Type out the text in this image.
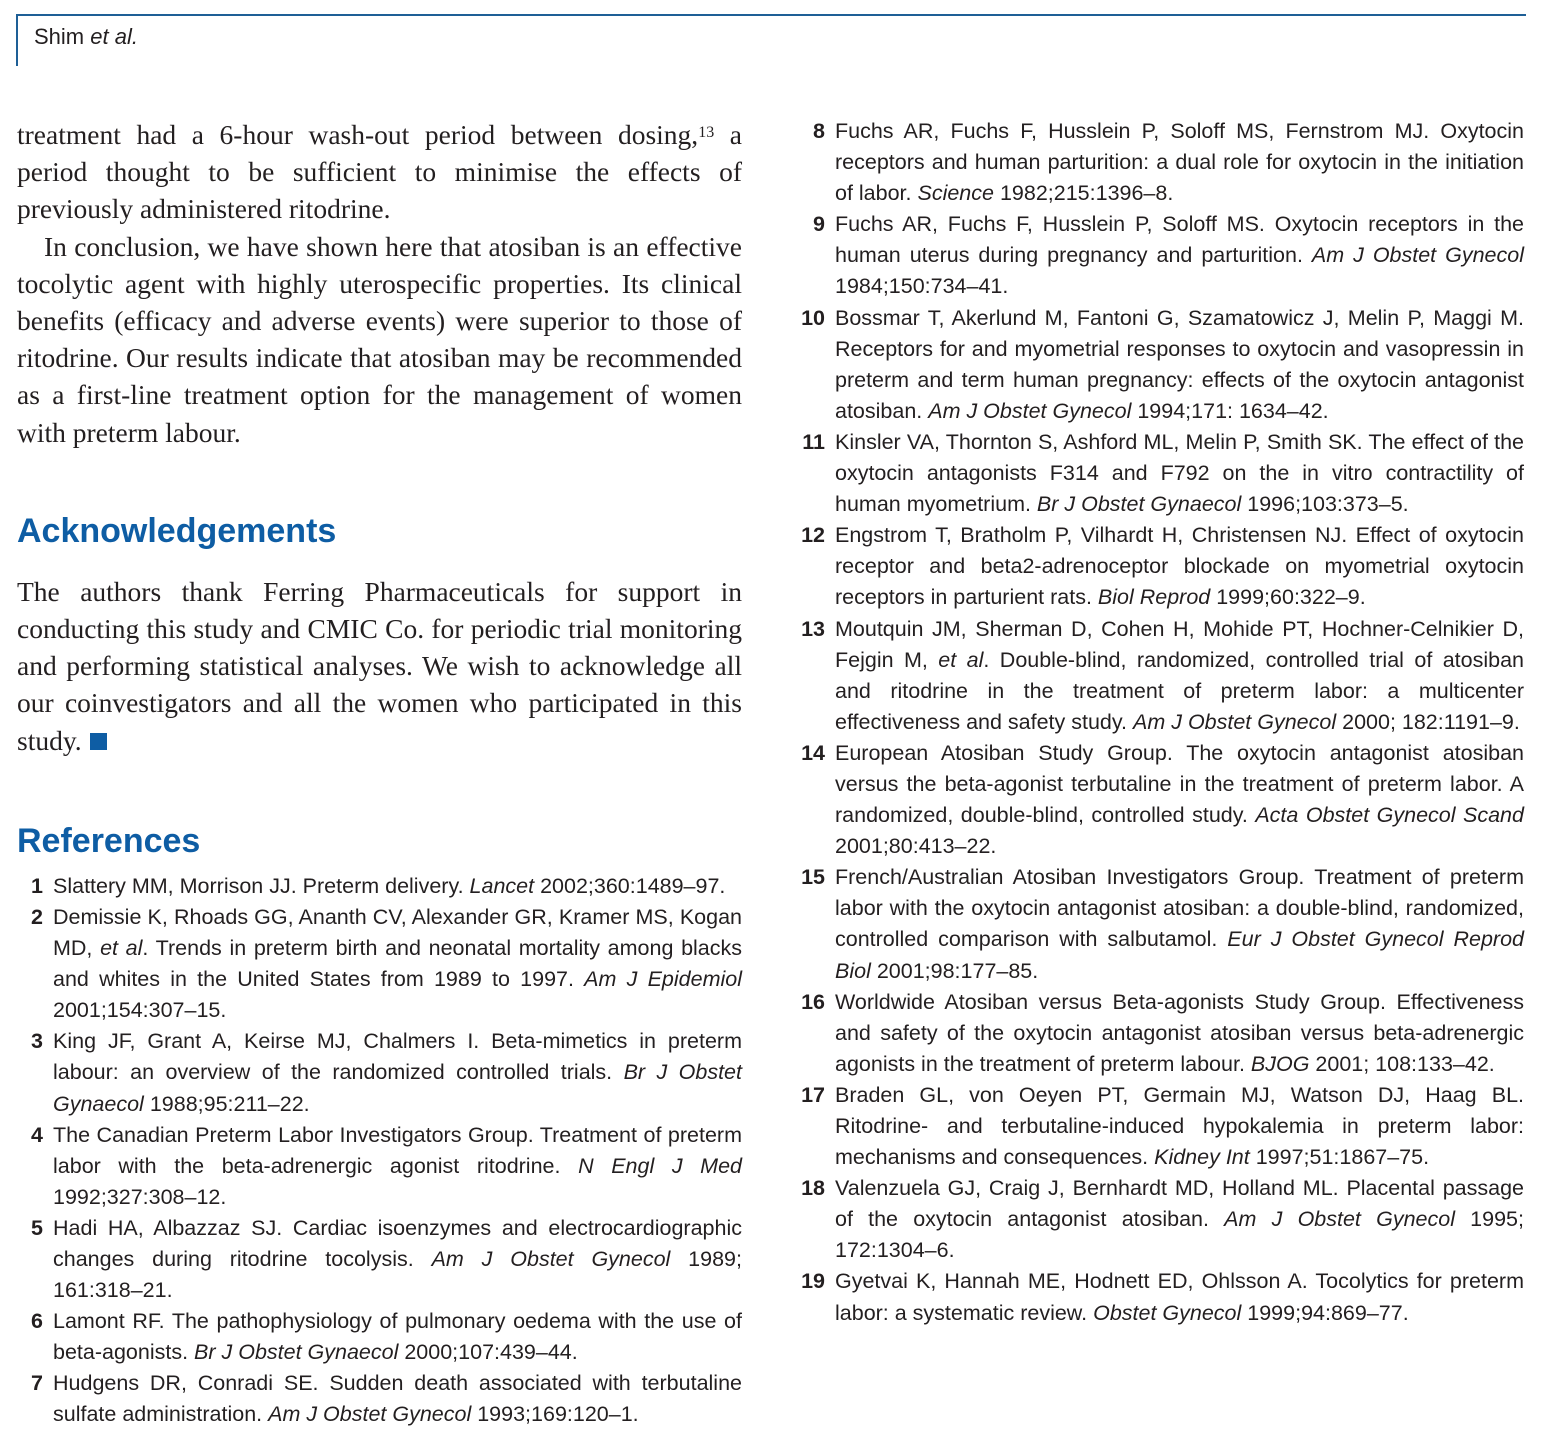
Shim et al.

treatment had a 6-hour wash-out period between dosing,$^{13}$ a period thought to be sufficient to minimise the effects of previously administered ritodrine.

In conclusion, we have shown here that atosiban is an effective tocolytic agent with highly uterospecific properties. Its clinical benefits (efficacy and adverse events) were superior to those of ritodrine. Our results indicate that atosiban may be recommended as a first-line treatment option for the management of women with preterm labour.

Acknowledgements

The authors thank Ferring Pharmaceuticals for support in conducting this study and CMIC Co. for periodic trial monitoring and performing statistical analyses. We wish to acknowledge all our coinvestigators and all the women who participated in this study.

References
1 Slattery MM, Morrison JJ. Preterm delivery. Lancet 2002;360:1489–97.
2 Demissie K, Rhoads GG, Ananth CV, Alexander GR, Kramer MS, Kogan MD, et al. Trends in preterm birth and neonatal mortality among blacks and whites in the United States from 1989 to 1997. Am J Epidemiol 2001;154:307–15.
3 King JF, Grant A, Keirse MJ, Chalmers I. Beta-mimetics in preterm labour: an overview of the randomized controlled trials. Br J Obstet Gynaecol 1988;95:211–22.
4 The Canadian Preterm Labor Investigators Group. Treatment of preterm labor with the beta-adrenergic agonist ritodrine. N Engl J Med 1992;327:308–12.
5 Hadi HA, Albazzaz SJ. Cardiac isoenzymes and electrocardiographic changes during ritodrine tocolysis. Am J Obstet Gynecol 1989; 161:318–21.
6 Lamont RF. The pathophysiology of pulmonary oedema with the use of beta-agonists. Br J Obstet Gynaecol 2000;107:439–44.
7 Hudgens DR, Conradi SE. Sudden death associated with terbutaline sulfate administration. Am J Obstet Gynecol 1993;169:120–1.
8 Fuchs AR, Fuchs F, Husslein P, Soloff MS, Fernstrom MJ. Oxytocin receptors and human parturition: a dual role for oxytocin in the initiation of labor. Science 1982;215:1396–8.
9 Fuchs AR, Fuchs F, Husslein P, Soloff MS. Oxytocin receptors in the human uterus during pregnancy and parturition. Am J Obstet Gynecol 1984;150:734–41.
10 Bossmar T, Akerlund M, Fantoni G, Szamatowicz J, Melin P, Maggi M. Receptors for and myometrial responses to oxytocin and vasopressin in preterm and term human pregnancy: effects of the oxytocin antagonist atosiban. Am J Obstet Gynecol 1994;171: 1634–42.
11 Kinsler VA, Thornton S, Ashford ML, Melin P, Smith SK. The effect of the oxytocin antagonists F314 and F792 on the in vitro contractility of human myometrium. Br J Obstet Gynaecol 1996;103:373–5.
12 Engstrom T, Bratholm P, Vilhardt H, Christensen NJ. Effect of oxytocin receptor and beta2-adrenoceptor blockade on myometrial oxytocin receptors in parturient rats. Biol Reprod 1999;60:322–9.
13 Moutquin JM, Sherman D, Cohen H, Mohide PT, Hochner-Celnikier D, Fejgin M, et al. Double-blind, randomized, controlled trial of atosiban and ritodrine in the treatment of preterm labor: a multicenter effectiveness and safety study. Am J Obstet Gynecol 2000; 182:1191–9.
14 European Atosiban Study Group. The oxytocin antagonist atosiban versus the beta-agonist terbutaline in the treatment of preterm labor. A randomized, double-blind, controlled study. Acta Obstet Gynecol Scand 2001;80:413–22.
15 French/Australian Atosiban Investigators Group. Treatment of preterm labor with the oxytocin antagonist atosiban: a double-blind, randomized, controlled comparison with salbutamol. Eur J Obstet Gynecol Reprod Biol 2001;98:177–85.
16 Worldwide Atosiban versus Beta-agonists Study Group. Effectiveness and safety of the oxytocin antagonist atosiban versus beta-adrenergic agonists in the treatment of preterm labour. BJOG 2001; 108:133–42.
17 Braden GL, von Oeyen PT, Germain MJ, Watson DJ, Haag BL. Ritodrine- and terbutaline-induced hypokalemia in preterm labor: mechanisms and consequences. Kidney Int 1997;51:1867–75.
18 Valenzuela GJ, Craig J, Bernhardt MD, Holland ML. Placental passage of the oxytocin antagonist atosiban. Am J Obstet Gynecol 1995; 172:1304–6.
19 Gyetvai K, Hannah ME, Hodnett ED, Ohlsson A. Tocolytics for preterm labor: a systematic review. Obstet Gynecol 1999;94:869–77.
